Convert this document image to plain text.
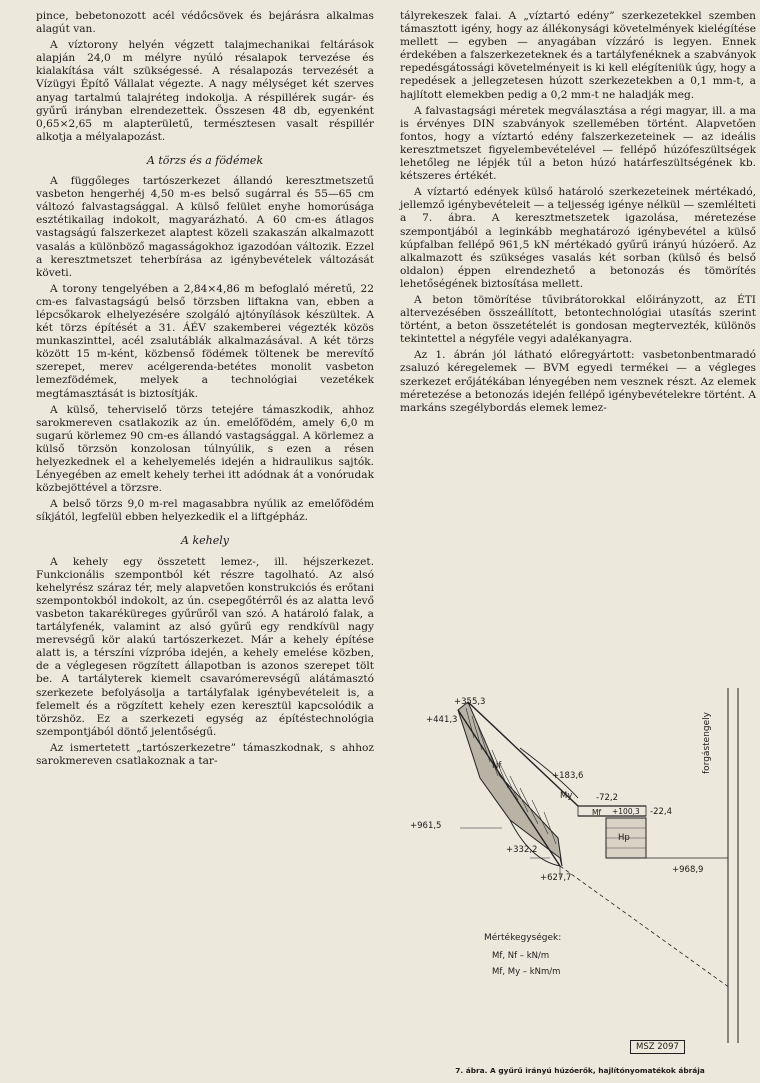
pince, bebetonozott acél védőcsövek és bejárásra alkalmas alagút van.

A víztorony helyén végzett talajmechanikai feltárások alapján 24,0 m mélyre nyúló résalapok tervezése és kialakítása vált szükségessé. A résalapozás tervezését a Vízügyi Építő Vállalat végezte. A nagy mélységet két szerves anyag tartalmú talajréteg indokolja. A réspillérek sugár- és gyűrű irányban elrendezettek. Összesen 48 db, egyenként 0,65×2,65 m alapterületű, természtesen vasalt réspillér alkotja a mélyalapozást.

A törzs és a födémek

A függőleges tartószerkezet állandó keresztmetszetű vasbeton hengerhéj 4,50 m-es belső sugárral és 55—65 cm változó falvastagsággal. A külső felület enyhe homorúsága esztétikailag indokolt, magyarázható. A 60 cm-es átlagos vastagságú falszerkezet alaptest közeli szakaszán alkalmazott vasalás a különböző magasságokhoz igazodóan változik. Ezzel a keresztmetszet teherbírása az igénybevételek változását követi.

A torony tengelyében a 2,84×4,86 m befoglaló méretű, 22 cm-es falvastagságú belső törzsben liftakna van, ebben a lépcsőkarok elhelyezésére szolgáló ajtónyílások készültek. A két törzs építését a 31. ÁÉV szakemberei végezték közös munkaszinttel, acél zsalutáblák alkalmazásával. A két törzs között 15 m-ként, közbenső födémek töltenek be merevítő szerepet, merev acélgerenda-betétes monolit vasbeton lemezfödémek, melyek a technológiai vezetékek megtámasztását is biztosítják.

A külső, teherviselő törzs tetejére támaszkodik, ahhoz sarokmereven csatlakozik az ún. emelőfödém, amely 6,0 m sugarú körlemez 90 cm-es állandó vastagsággal. A körlemez a külső törzsön konzolosan túlnyúlik, s ezen a résen helyezkednek el a kehelyemelés idején a hidraulikus sajtók. Lényegében az emelt kehely terhei itt adódnak át a vonórudak közbejöttével a törzsre.

A belső törzs 9,0 m-rel magasabbra nyúlik az emelőfödém síkjától, legfelül ebben helyezkedik el a liftgépház.

A kehely

A kehely egy összetett lemez-, ill. héjszerkezet. Funkcionális szempontból két részre tagolható. Az alsó kehelyrész száraz tér, mely alapvetően konstrukciós és erőtani szempontokból indokolt, az ún. csepegőtérről és az alatta levő vasbeton takaréküreges gyűrűről van szó. A határoló falak, a tartályfenék, valamint az alsó gyűrű egy rendkívül nagy merevségű kör alakú tartószerkezet. Már a kehely építése alatt is, a térszíni vízpróba idején, a kehely emelése közben, de a véglegesen rögzített állapotban is azonos szerepet tölt be. A tartályterek kiemelt csavarómerevségű alátámasztó szerkezete befolyásolja a tartályfalak igénybevételeit is, a felemelt és a rögzített kehely ezen keresztül kapcsolódik a törzshöz. Ez a szerkezeti egység az építéstechnológia szempontjából döntő jelentőségű.

Az ismertetett „tartószerkezetre” támaszkodnak, s ahhoz sarokmereven csatlakoznak a tar-

tályrekeszek falai. A „víztartó edény” szerkezetekkel szemben támasztott igény, hogy az állékonysági követelmények kielégítése mellett — egyben — anyagában vízzáró is legyen. Ennek érdekében a falszerkezeteknek és a tartályfenéknek a szabványok repedésgátossági követelményeit is ki kell elégíteniük úgy, hogy a repedések a jellegzetesen húzott szerkezetekben a 0,1 mm-t, a hajlított elemekben pedig a 0,2 mm-t ne haladják meg.

A falvastagsági méretek megválasztása a régi magyar, ill. a ma is érvényes DIN szabványok szellemében történt. Alapvetően fontos, hogy a víztartó edény falszerkezeteinek — az ideális keresztmetszet figyelembevételével — fellépő húzófeszültségek lehetőleg ne lépjék túl a beton húzó határfeszültségének kb. kétszeres értékét.

A víztartó edények külső határoló szerkezeteinek mértékadó, jellemző igénybevételeit — a teljesség igénye nélkül — szemlélteti a 7. ábra. A keresztmetszetek igazolása, méretezése szempontjából a leginkább meghatározó igénybevétel a külső kúpfalban fellépő 961,5 kN mértékadó gyűrű irányú húzóerő. Az alkalmazott és szükséges vasalás két sorban (külső és belső oldalon) éppen elrendezhető a betonozás és tömörítés lehetőségének biztosítása mellett.

A beton tömörítése tűvibrátorokkal előirányzott, az ÉTI altervezésében összeállított, betontechnológiai utasítás szerint történt, a beton összetételét is gondosan megtervezték, különös tekintettel a négyféle vegyi adalékanyagra.

Az 1. ábrán jól látható előregyártott: vasbetonbentmaradó zsaluzó kéregelemek — BVM egyedi termékei — a végleges szerkezet erőjátékában lényegében nem vesznek részt. Az elemek méretezése a betonozás idején fellépő igénybevételekre történt. A markáns szegélybordás elemek lemez-

+355,3
+441,3
+183,6
+961,5
+332,2
+627,7
-72,2
+100,3 -22,4
+968,9
Nf
My
Mf
Hp
forgástengely
Mértékegységek:
Mf, Nf – kN/m
Mf, My – kNm/m
MSZ 2097
7. ábra. A gyűrű irányú húzóerők, hajlítónyomatékok ábrája
